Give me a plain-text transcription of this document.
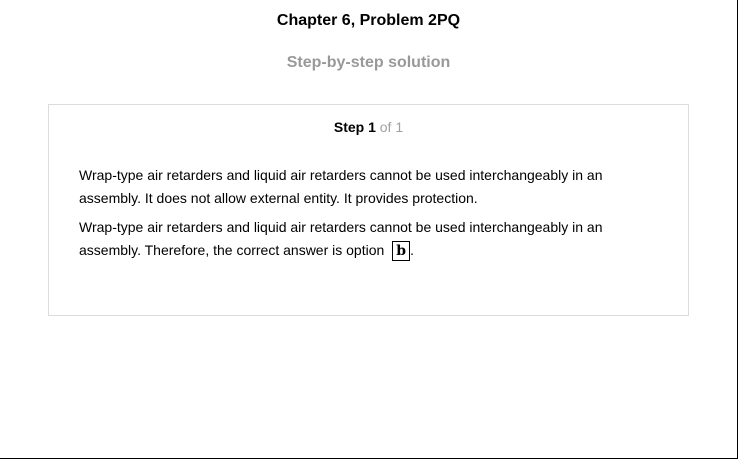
Chapter 6, Problem 2PQ
Step-by-step solution
Step 1 of 1
Wrap-type air retarders and liquid air retarders cannot be used interchangeably in an assembly. It does not allow external entity. It provides protection.
Wrap-type air retarders and liquid air retarders cannot be used interchangeably in an assembly. Therefore, the correct answer is option b .
